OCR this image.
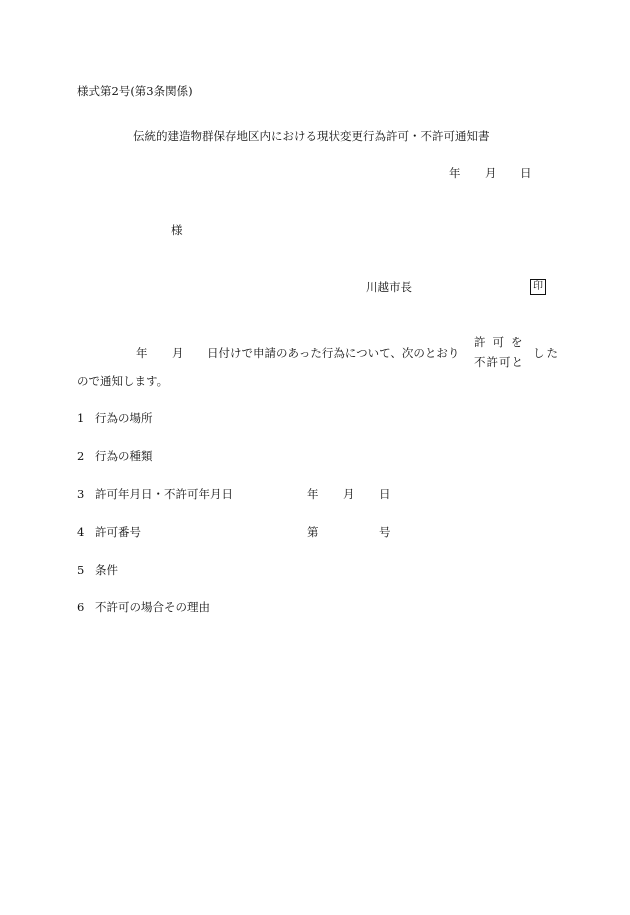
様式第2号(第3条関係)
伝統的建造物群保存地区内における現状変更行為許可・不許可通知書
年 月 日
様
川越市長	印
年 月 日付けで申請のあった行為について、次のとおり
許可を
不許可と
した
ので通知します。
1 行為の場所
2 行為の種類
3 許可年月日・不許可年月日	年 月 日
4 許可番号	第	号
5 条件
6 不許可の場合その理由
